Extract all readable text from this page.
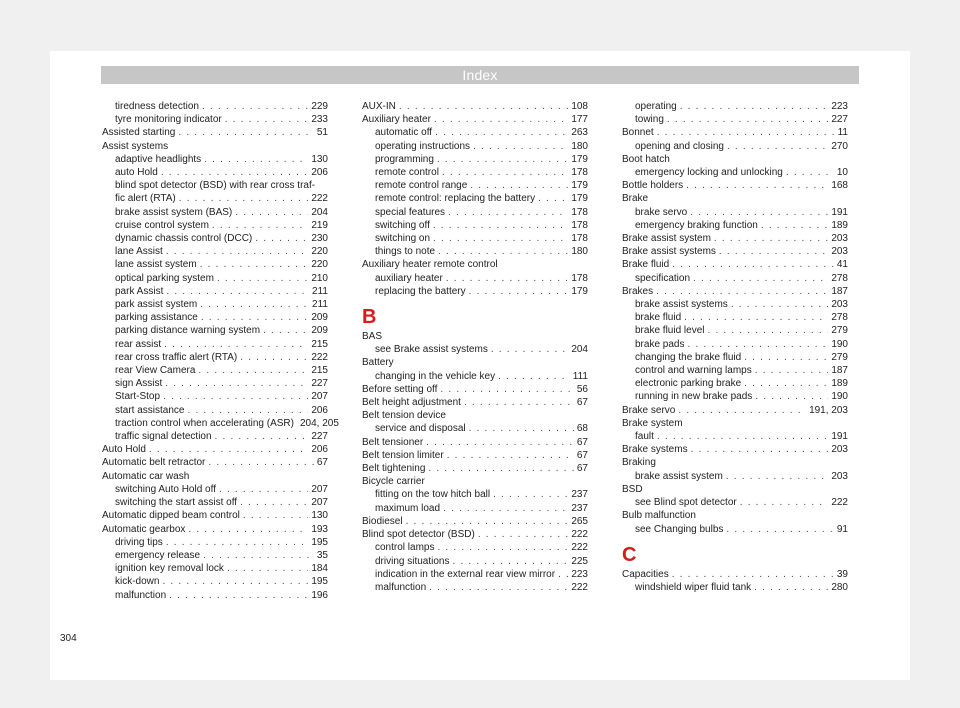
Index
tiredness detection . . .	229
tyre monitoring indicator . . .	233
Assisted starting . . .	51
Assist systems
adaptive headlights . . .	130
auto Hold . . .	206
blind spot detector (BSD) with rear cross traf-
fic alert (RTA) . . .	222
brake assist system (BAS) . . .	204
cruise control system . . .	219
dynamic chassis control (DCC) . . .	230
lane Assist . . .	220
lane assist system . . .	220
optical parking system . . .	210
park Assist . . .	211
park assist system . . .	211
parking assistance . . .	209
parking distance warning system . . .	209
rear assist . . .	215
rear cross traffic alert (RTA) . . .	222
rear View Camera . . .	215
sign Assist . . .	227
Start-Stop . . .	207
start assistance . . .	206
traction control when accelerating (ASR) 204, 205
traffic signal detection . . .	227
Auto Hold . . .	206
Automatic belt retractor . . .	67
Automatic car wash
switching Auto Hold off . . .	207
switching the start assist off . . .	207
Automatic dipped beam control . . .	130
Automatic gearbox . . .	193
driving tips . . .	195
emergency release . . .	35
ignition key removal lock . . .	184
kick-down . . .	195
malfunction . . .	196
AUX-IN . . .	108
Auxiliary heater . . .	177
automatic off . . .	263
operating instructions . . .	180
programming . . .	179
remote control . . .	178
remote control range . . .	179
remote control: replacing the battery . . .	179
special features . . .	178
switching off . . .	178
switching on . . .	178
things to note . . .	180
Auxiliary heater remote control
auxiliary heater . . .	178
replacing the battery . . .	179
B
BAS
see Brake assist systems . . .	204
Battery
changing in the vehicle key . . .	111
Before setting off . . .	56
Belt height adjustment . . .	67
Belt tension device
service and disposal . . .	68
Belt tensioner . . .	67
Belt tension limiter . . .	67
Belt tightening . . .	67
Bicycle carrier
fitting on the tow hitch ball . . .	237
maximum load . . .	237
Biodiesel . . .	265
Blind spot detector (BSD) . . .	222
control lamps . . .	222
driving situations . . .	225
indication in the external rear view mirror . . . 223
malfunction . . .	222
operating . . .	223
towing . . .	227
Bonnet . . .	11
opening and closing . . .	270
Boot hatch
emergency locking and unlocking . . .	10
Bottle holders . . .	168
Brake
brake servo . . .	191
emergency braking function . . .	189
Brake assist system . . .	203
Brake assist systems . . .	203
Brake fluid . . .	41
specification . . .	278
Brakes . . .	187
brake assist systems . . .	203
brake fluid . . .	278
brake fluid level . . .	279
brake pads . . .	190
changing the brake fluid . . .	279
control and warning lamps . . .	187
electronic parking brake . . .	189
running in new brake pads . . .	190
Brake servo . . .	191, 203
Brake system
fault . . .	191
Brake systems . . .	203
Braking
brake assist system . . .	203
BSD
see Blind spot detector . . .	222
Bulb malfunction
see Changing bulbs . . .	91
C
Capacities . . .	39
windshield wiper fluid tank . . .	280
304
